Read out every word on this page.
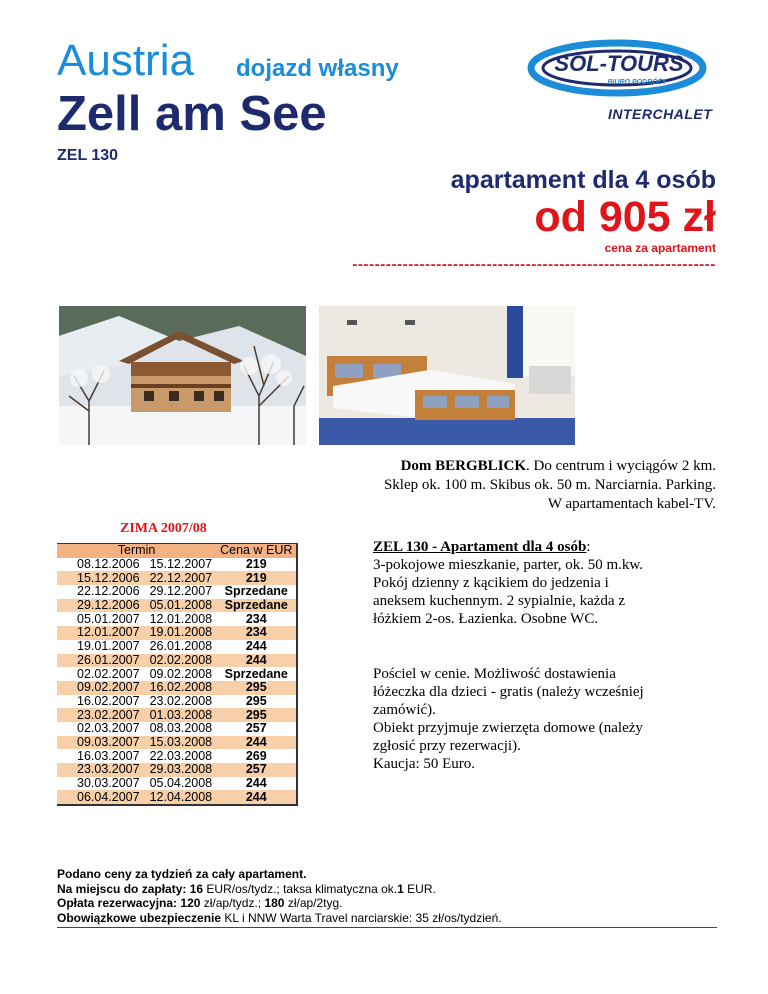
Austria dojazd własny
Zell am See
ZEL 130
SOL-TOURS
BIURO PODRÓŻY
INTERCHALET
apartament dla 4 osób
od 905 zł
cena za apartament
-----------------------------------------------------------------
Dom BERGBLICK. Do centrum i wyciągów 2 km.
Sklep ok. 100 m. Skibus ok. 50 m. Narciarnia. Parking.
W apartamentach kabel-TV.
ZIMA 2007/08
Termin		Cena w EUR
08.12.2006	15.12.2007	219
15.12.2006	22.12.2007	219
22.12.2006	29.12.2007	Sprzedane
29.12.2006	05.01.2008	Sprzedane
05.01.2007	12.01.2008	234
12.01.2007	19.01.2008	234
19.01.2007	26.01.2008	244
26.01.2007	02.02.2008	244
02.02.2007	09.02.2008	Sprzedane
09.02.2007	16.02.2008	295
16.02.2007	23.02.2008	295
23.02.2007	01.03.2008	295
02.03.2007	08.03.2008	257
09.03.2007	15.03.2008	244
16.03.2007	22.03.2008	269
23.03.2007	29.03.2008	257
30.03.2007	05.04.2008	244
06.04.2007	12.04.2008	244
ZEL 130 - Apartament dla 4 osób:
3-pokojowe mieszkanie, parter, ok. 50 m.kw.
Pokój dzienny z kącikiem do jedzenia i
aneksem kuchennym. 2 sypialnie, każda z
łóżkiem 2-os. Łazienka. Osobne WC.
Pościel w cenie. Możliwość dostawienia
łóżeczka dla dzieci - gratis (należy wcześniej
zamówić).
Obiekt przyjmuje zwierzęta domowe (należy
zgłosić przy rezerwacji).
Kaucja: 50 Euro.
Podano ceny za tydzień za cały apartament.
Na miejscu do zapłaty: 16 EUR/os/tydz.; taksa klimatyczna ok.1 EUR.
Opłata rezerwacyjna: 120 zł/ap/tydz.; 180 zł/ap/2tyg.
Obowiązkowe ubezpieczenie KL i NNW Warta Travel narciarskie: 35 zł/os/tydzień.
